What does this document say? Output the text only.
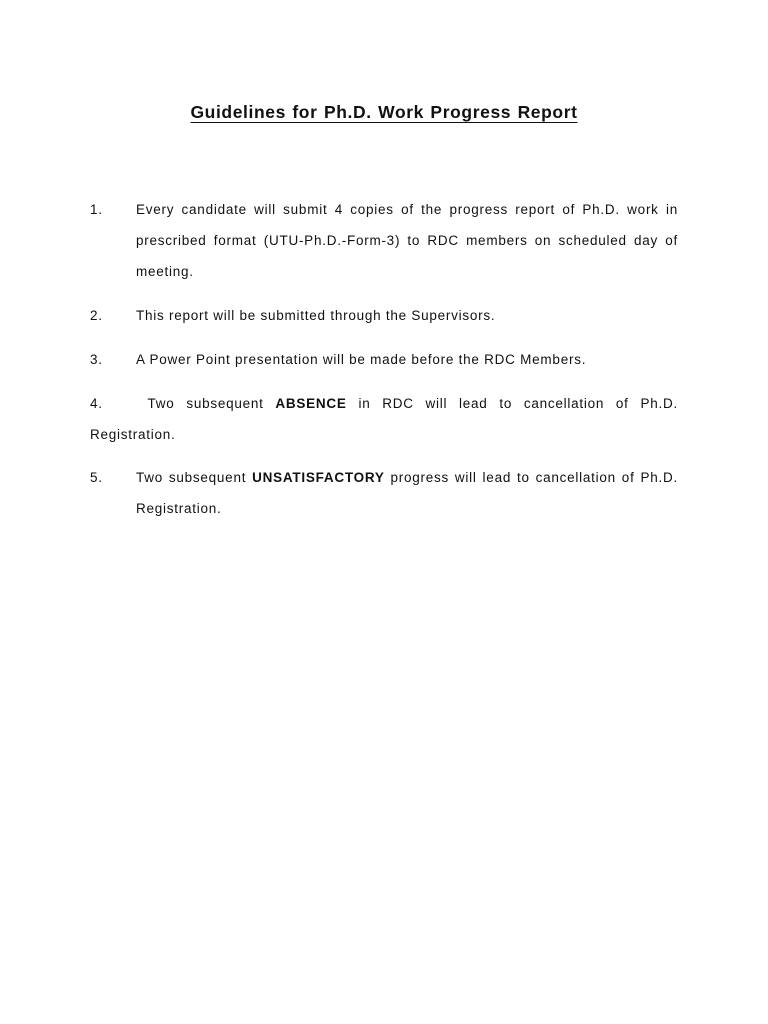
Guidelines for Ph.D. Work Progress Report
1. Every candidate will submit 4 copies of the progress report of Ph.D. work in
prescribed format (UTU-Ph.D.-Form-3) to RDC members on scheduled day of
meeting.
2. This report will be submitted through the Supervisors.
3. A Power Point presentation will be made before the RDC Members.
4.	Two subsequent ABSENCE in RDC will lead to cancellation of Ph.D.
Registration.
5. Two subsequent UNSATISFACTORY progress will lead to cancellation of Ph.D.
Registration.
